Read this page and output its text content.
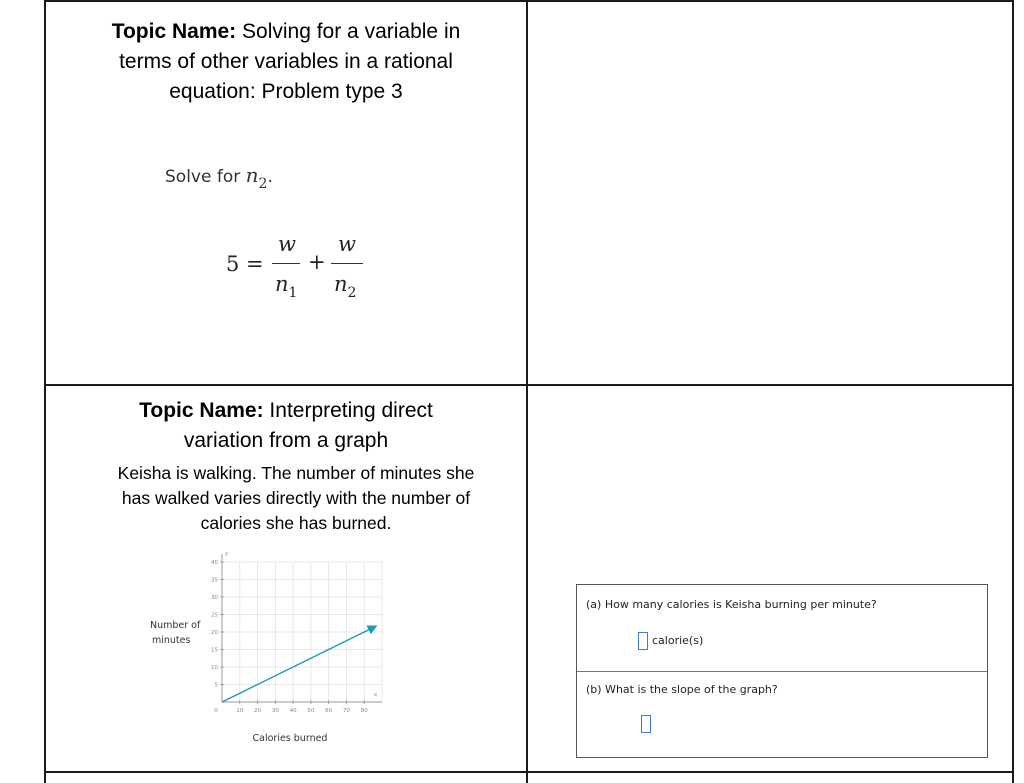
Topic Name: Solving for a variable in
terms of other variables in a rational
equation: Problem type 3
Solve for $n_2$.
5 =
w
$n_1$
+
w
$n_2$
Topic Name: Interpreting direct
variation from a graph
Keisha is walking. The number of minutes she
has walked varies directly with the number of
calories she has burned.
10 20 30 40 50 60 70 80
5
10
15
20
25
30
35
40
0
y
x
Number of
minutes
Calories burned
(a) How many calories is Keisha burning per minute?
calorie(s)
(b) What is the slope of the graph?
